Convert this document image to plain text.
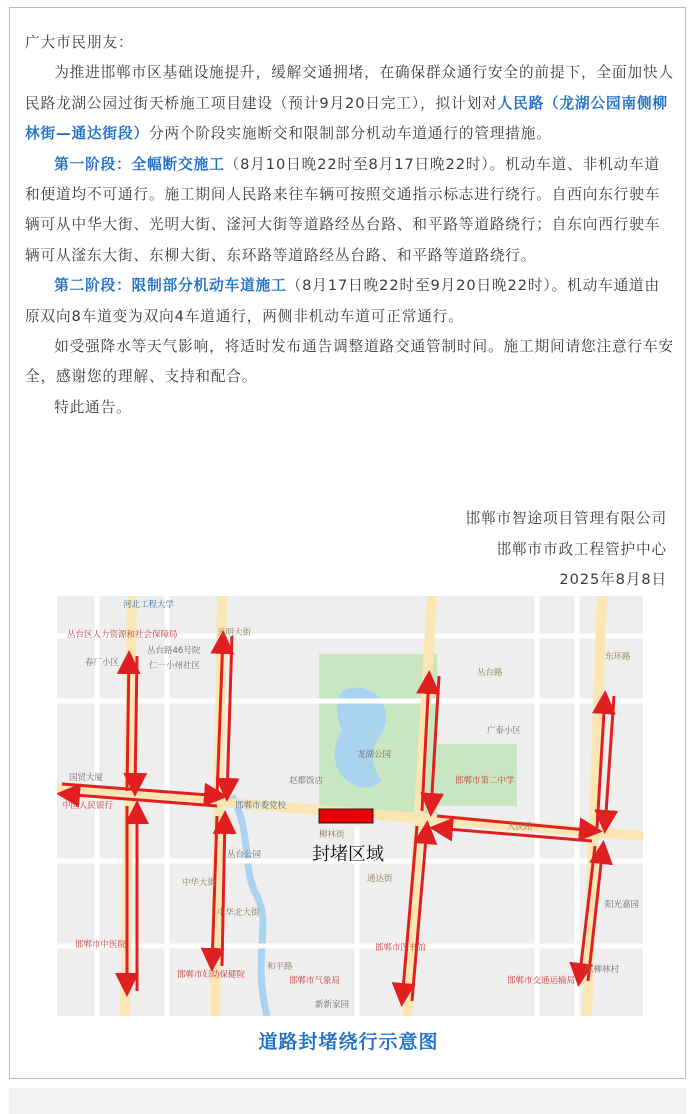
广大市民朋友：

为推进邯郸市区基础设施提升，缓解交通拥堵，在确保群众通行安全的前提下，全面加快人民路龙湖公园过街天桥施工项目建设（预计9月20日完工），拟计划对人民路（龙湖公园南侧柳林街—通达街段）分两个阶段实施断交和限制部分机动车道通行的管理措施。

第一阶段：全幅断交施工（8月10日晚22时至8月17日晚22时）。机动车道、非机动车道和便道均不可通行。施工期间人民路来往车辆可按照交通指示标志进行绕行。自西向东行驶车辆可从中华大街、光明大街、滏河大街等道路经丛台路、和平路等道路绕行；自东向西行驶车辆可从滏东大街、东柳大街、东环路等道路经丛台路、和平路等道路绕行。

第二阶段：限制部分机动车道施工（8月17日晚22时至9月20日晚22时）。机动车通道由原双向8车道变为双向4车道通行，两侧非机动车道可正常通行。

如受强降水等天气影响，将适时发布通告调整道路交通管制时间。施工期间请您注意行车安全，感谢您的理解、支持和配合。

特此通告。

邯郸市智途项目管理有限公司
邯郸市市政工程管护中心
2025年8月8日
河北工程大学
丛台区人力资源和社会保障局
丛台路46号院
春厂小区	仁一小州社区
国贸大厦
中国人民银行	邯郸市委党校
人民路
中华大街
和平路
丛台路
龙湖公园
柳林街
通达街
光明大街
邯郸市中医院
邯郸市妇幼保健院
中华北大街
丛台公园
邯郸市气象局
新新家园
邯郸市交通运输局
东柳林村
阳光嘉园
邯郸市图书馆
广泰小区
赵都饭店
东环路
邯郸市第二中学
封堵区域
道路封堵绕行示意图
